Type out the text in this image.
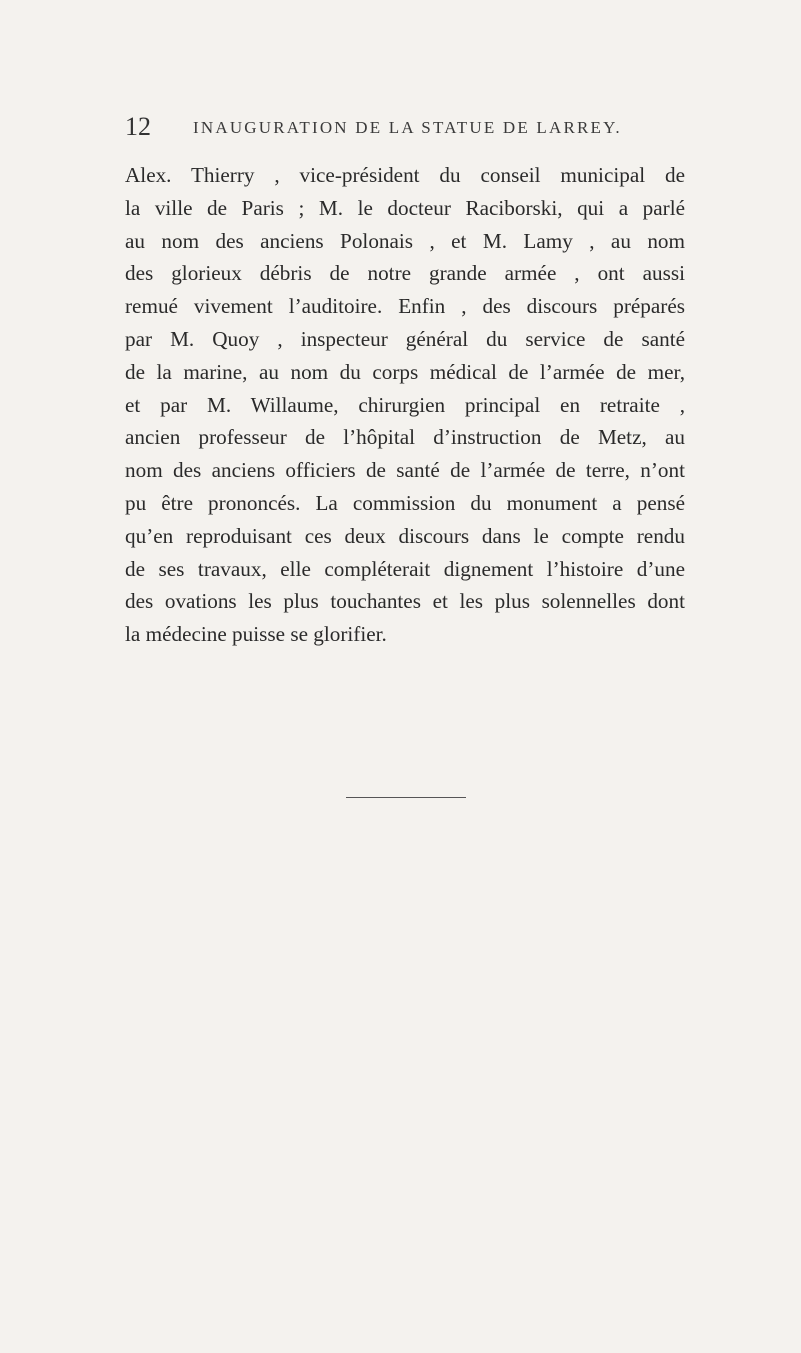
12 INAUGURATION DE LA STATUE DE LARREY.
Alex. Thierry , vice-président du conseil municipal de
la ville de Paris ; M. le docteur Raciborski, qui a parlé
au nom des anciens Polonais , et M. Lamy , au nom
des glorieux débris de notre grande armée , ont aussi
remué vivement l’auditoire. Enfin , des discours préparés
par M. Quoy , inspecteur général du service de santé
de la marine, au nom du corps médical de l’armée de mer,
et par M. Willaume, chirurgien principal en retraite ,
ancien professeur de l’hôpital d’instruction de Metz, au
nom des anciens officiers de santé de l’armée de terre, n’ont
pu être prononcés. La commission du monument a pensé
qu’en reproduisant ces deux discours dans le compte rendu
de ses travaux, elle compléterait dignement l’histoire d’une
des ovations les plus touchantes et les plus solennelles dont
la médecine puisse se glorifier.
